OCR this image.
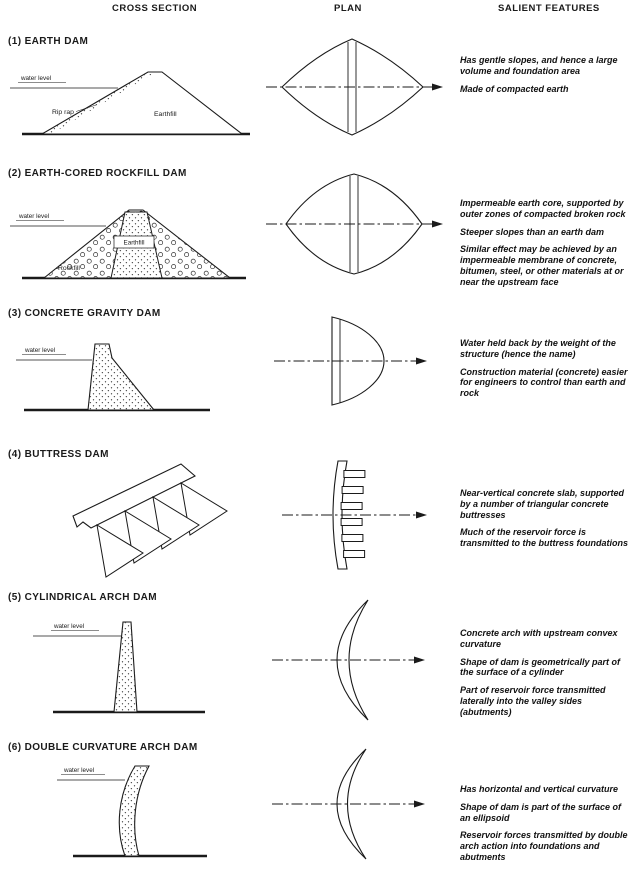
CROSS SECTION	PLAN	SALIENT FEATURES
(1) EARTH DAM
water level
Rip rap	Earthfill
Has gentle slopes, and hence a large volume and foundation area
Made of compacted earth
(2) EARTH-CORED ROCKFILL DAM
water level
Rockfill
Earthfill
Impermeable earth core, supported by outer zones of compacted broken rock
Steeper slopes than an earth dam
Similar effect may be achieved by an impermeable membrane of concrete, bitumen, steel, or other materials at or near the upstream face
(3) CONCRETE GRAVITY DAM
water level
Water held back by the weight of the structure (hence the name)
Construction material (concrete) easier for engineers to control than earth and rock
(4) BUTTRESS DAM
Near-vertical concrete slab, supported by a number of triangular concrete buttresses
Much of the reservoir force is transmitted to the buttress foundations
(5) CYLINDRICAL ARCH DAM
water level
Concrete arch with upstream convex curvature
Shape of dam is geometrically part of the surface of a cylinder
Part of reservoir force transmitted laterally into the valley sides (abutments)
(6) DOUBLE CURVATURE ARCH DAM
water level
Has horizontal and vertical curvature
Shape of dam is part of the surface of an ellipsoid
Reservoir forces transmitted by double arch action into foundations and abutments
